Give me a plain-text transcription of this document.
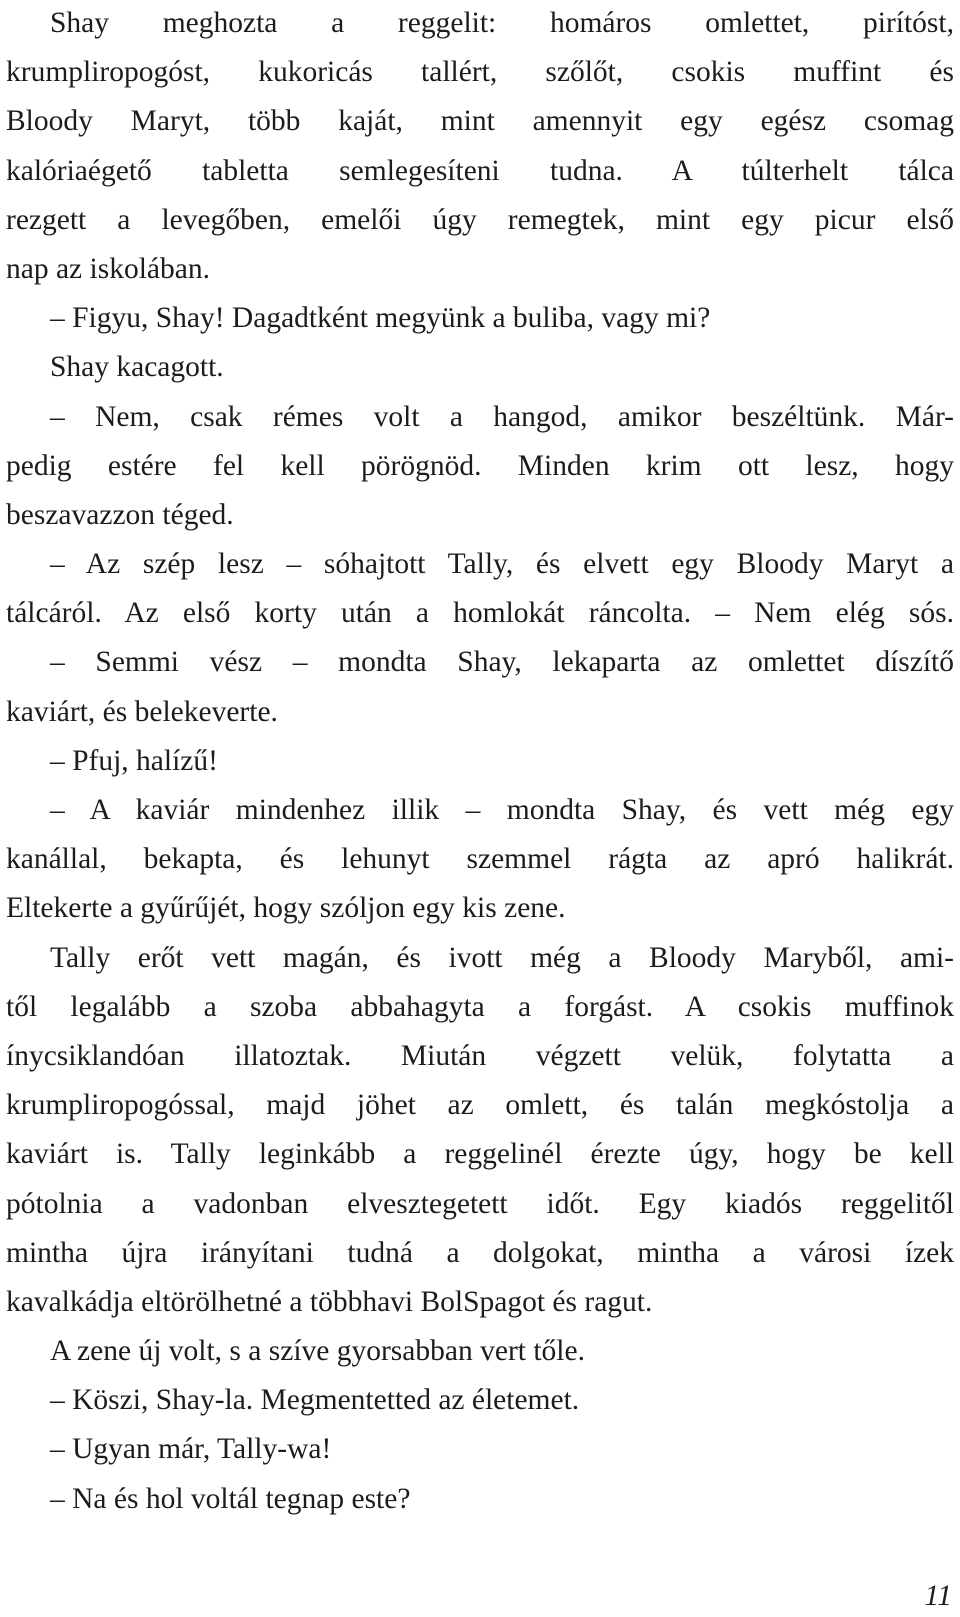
Shay meghozta a reggelit: homáros omlettet, pirítóst,
krumpliropogóst, kukoricás tallért, szőlőt, csokis muffint és
Bloody Maryt, több kaját, mint amennyit egy egész csomag
kalóriaégető tabletta semlegesíteni tudna. A túlterhelt tálca
rezgett a levegőben, emelői úgy remegtek, mint egy picur első
nap az iskolában.
– Figyu, Shay! Dagadtként megyünk a buliba, vagy mi?
Shay kacagott.
– Nem, csak rémes volt a hangod, amikor beszéltünk. Már-
pedig estére fel kell pörögnöd. Minden krim ott lesz, hogy
beszavazzon téged.
– Az szép lesz – sóhajtott Tally, és elvett egy Bloody Maryt a
tálcáról. Az első korty után a homlokát ráncolta. – Nem elég sós.
– Semmi vész – mondta Shay, lekaparta az omlettet díszítő
kaviárt, és belekeverte.
– Pfuj, halízű!
– A kaviár mindenhez illik – mondta Shay, és vett még egy
kanállal, bekapta, és lehunyt szemmel rágta az apró halikrát.
Eltekerte a gyűrűjét, hogy szóljon egy kis zene.
Tally erőt vett magán, és ivott még a Bloody Maryből, ami-
től legalább a szoba abbahagyta a forgást. A csokis muffinok
ínycsiklandóan illatoztak. Miután végzett velük, folytatta a
krumpliropogóssal, majd jöhet az omlett, és talán megkóstolja a
kaviárt is. Tally leginkább a reggelinél érezte úgy, hogy be kell
pótolnia a vadonban elvesztegetett időt. Egy kiadós reggelitől
mintha újra irányítani tudná a dolgokat, mintha a városi ízek
kavalkádja eltörölhetné a többhavi BolSpagot és ragut.
A zene új volt, s a szíve gyorsabban vert tőle.
– Köszi, Shay-la. Megmentetted az életemet.
– Ugyan már, Tally-wa!
– Na és hol voltál tegnap este?
11
